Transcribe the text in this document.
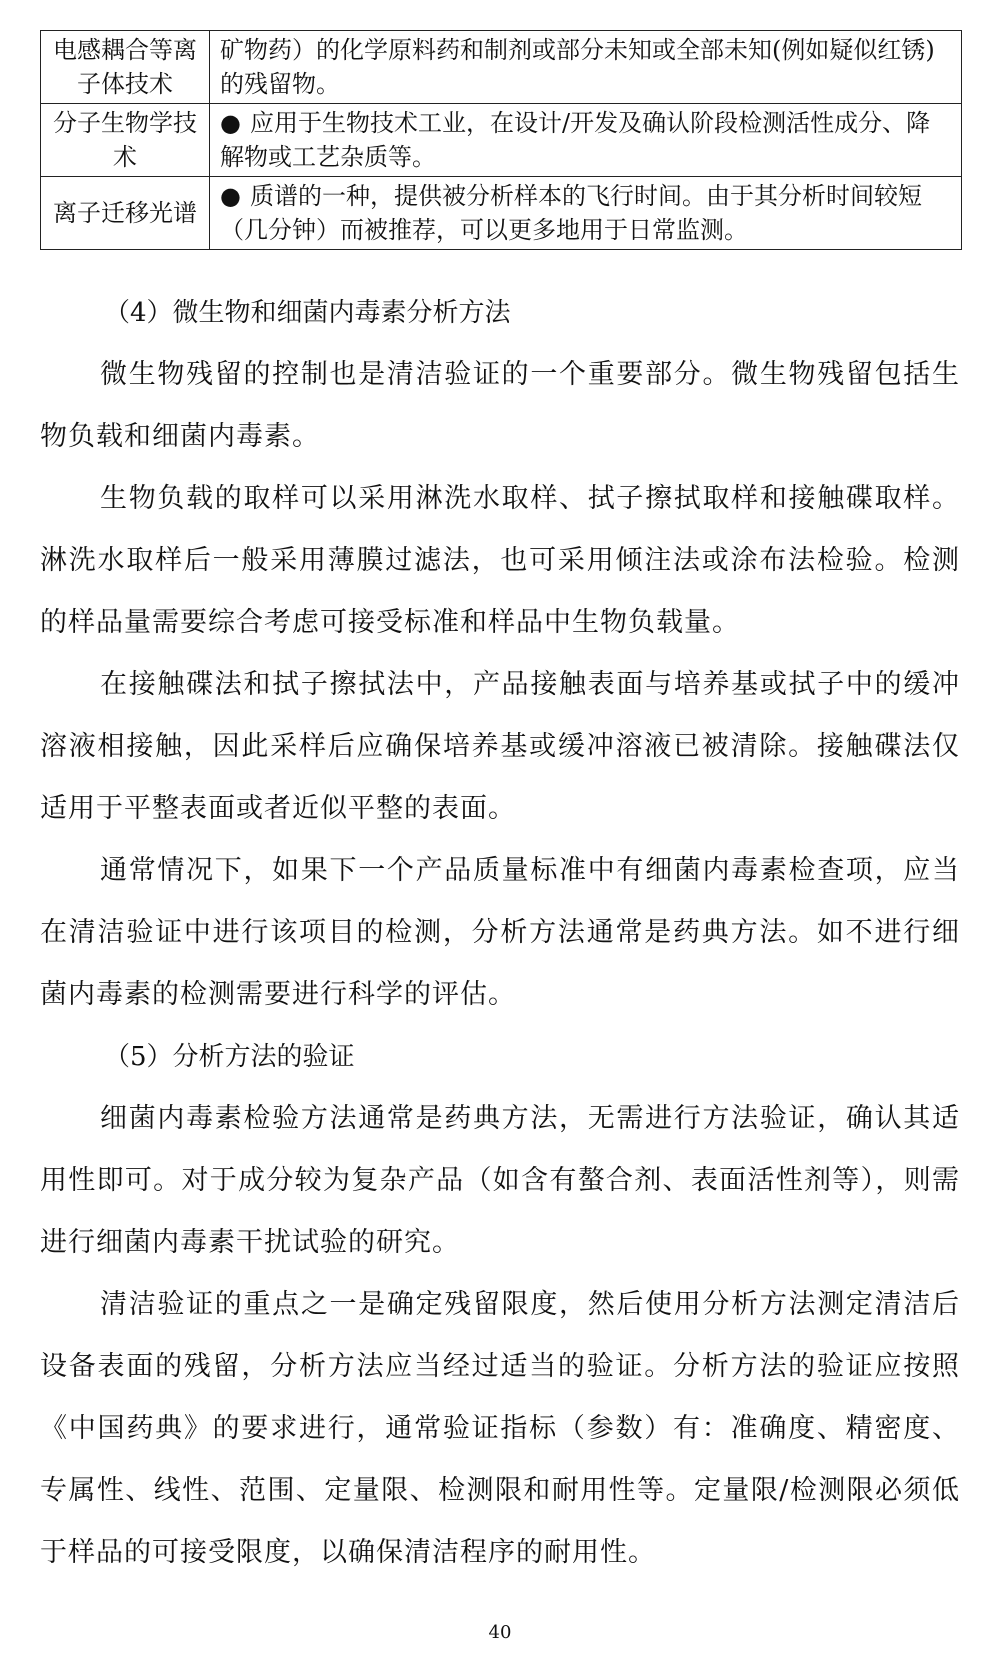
电感耦合等离子体技术	矿物药）的化学原料药和制剂或部分未知或全部未知(例如疑似红锈)的残留物。
分子生物学技术	● 应用于生物技术工业，在设计/开发及确认阶段检测活性成分、降解物或工艺杂质等。
离子迁移光谱	● 质谱的一种，提供被分析样本的飞行时间。由于其分析时间较短（几分钟）而被推荐，可以更多地用于日常监测。
（4）微生物和细菌内毒素分析方法
微生物残留的控制也是清洁验证的一个重要部分。微生物残留包括生物负载和细菌内毒素。
生物负载的取样可以采用淋洗水取样、拭子擦拭取样和接触碟取样。淋洗水取样后一般采用薄膜过滤法，也可采用倾注法或涂布法检验。检测的样品量需要综合考虑可接受标准和样品中生物负载量。
在接触碟法和拭子擦拭法中，产品接触表面与培养基或拭子中的缓冲溶液相接触，因此采样后应确保培养基或缓冲溶液已被清除。接触碟法仅适用于平整表面或者近似平整的表面。
通常情况下，如果下一个产品质量标准中有细菌内毒素检查项，应当在清洁验证中进行该项目的检测，分析方法通常是药典方法。如不进行细菌内毒素的检测需要进行科学的评估。
（5）分析方法的验证
细菌内毒素检验方法通常是药典方法，无需进行方法验证，确认其适用性即可。对于成分较为复杂产品（如含有螯合剂、表面活性剂等），则需进行细菌内毒素干扰试验的研究。
清洁验证的重点之一是确定残留限度，然后使用分析方法测定清洁后设备表面的残留，分析方法应当经过适当的验证。分析方法的验证应按照《中国药典》的要求进行，通常验证指标（参数）有：准确度、精密度、专属性、线性、范围、定量限、检测限和耐用性等。定量限/检测限必须低于样品的可接受限度，以确保清洁程序的耐用性。
40
